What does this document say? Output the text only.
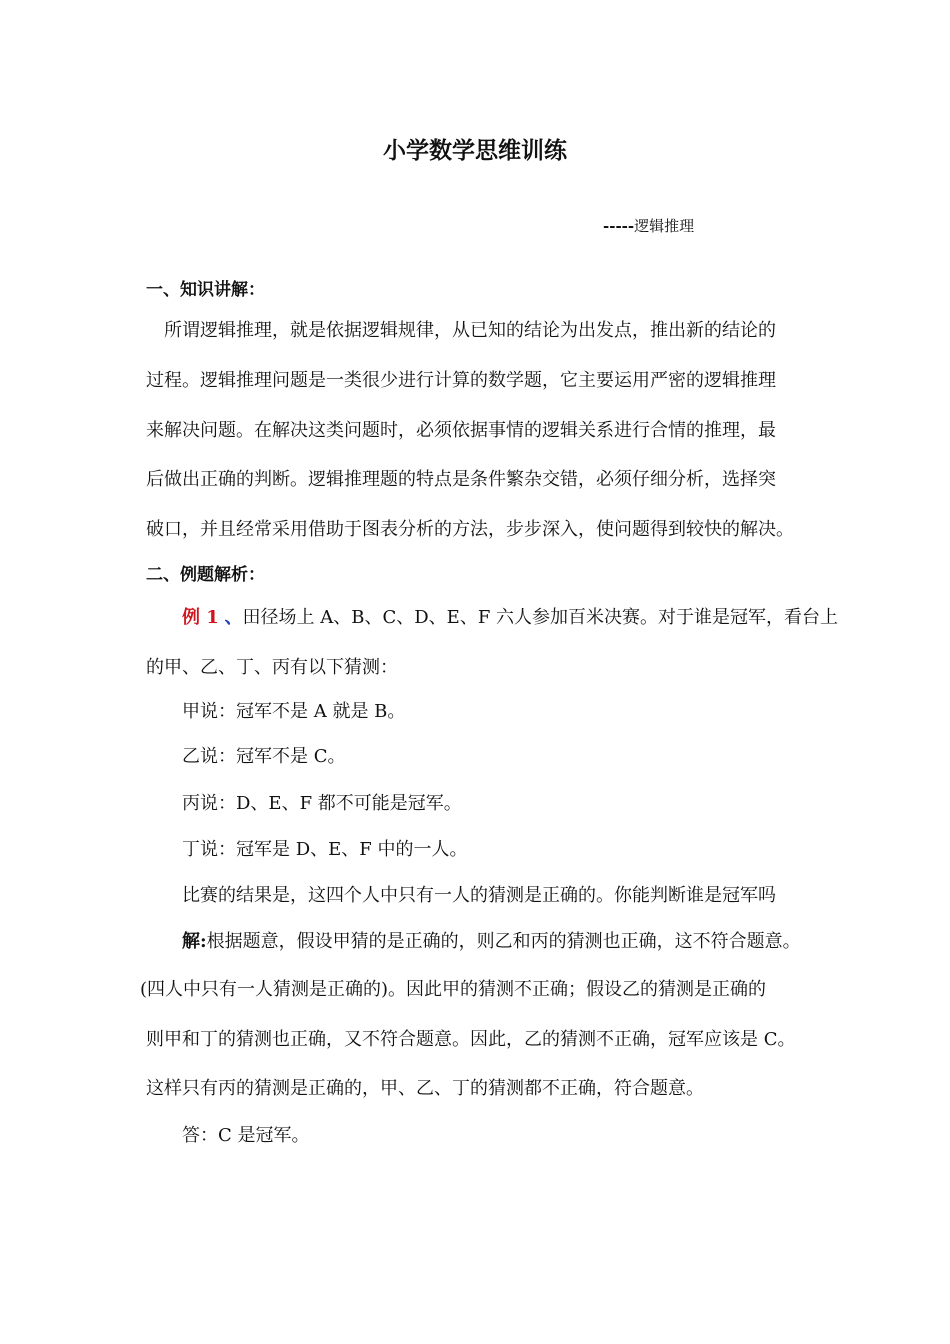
小学数学思维训练
-----逻辑推理
一、知识讲解：
所谓逻辑推理，就是依据逻辑规律，从已知的结论为出发点，推出新的结论的
过程。逻辑推理问题是一类很少进行计算的数学题，它主要运用严密的逻辑推理
来解决问题。在解决这类问题时，必须依据事情的逻辑关系进行合情的推理，最
后做出正确的判断。逻辑推理题的特点是条件繁杂交错，必须仔细分析，选择突
破口，并且经常采用借助于图表分析的方法，步步深入，使问题得到较快的解决。
二、例题解析：
例 1 、田径场上 A、B、C、D、E、F 六人参加百米决赛。对于谁是冠军，看台上
的甲、乙、丁、丙有以下猜测：
甲说：冠军不是 A 就是 B。
乙说：冠军不是 C。
丙说：D、E、F 都不可能是冠军。
丁说：冠军是 D、E、F 中的一人。
比赛的结果是，这四个人中只有一人的猜测是正确的。你能判断谁是冠军吗
解:根据题意，假设甲猜的是正确的，则乙和丙的猜测也正确，这不符合题意。
(四人中只有一人猜测是正确的)。因此甲的猜测不正确；假设乙的猜测是正确的
则甲和丁的猜测也正确，又不符合题意。因此，乙的猜测不正确，冠军应该是 C。
这样只有丙的猜测是正确的，甲、乙、丁的猜测都不正确，符合题意。
答：C 是冠军。
